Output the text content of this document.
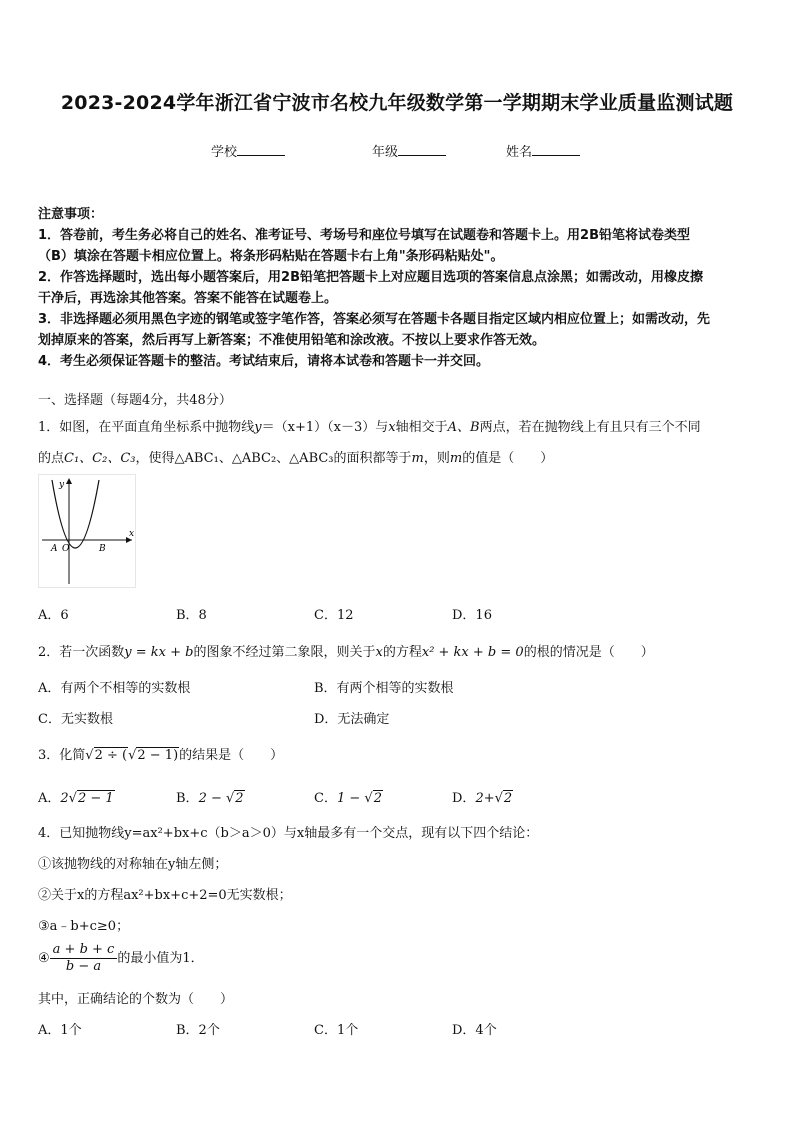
2023-2024学年浙江省宁波市名校九年级数学第一学期期末学业质量监测试题
学校	年级	姓名
注意事项：
1．答卷前，考生务必将自己的姓名、准考证号、考场号和座位号填写在试题卷和答题卡上。用2B铅笔将试卷类型
（B）填涂在答题卡相应位置上。将条形码粘贴在答题卡右上角"条形码粘贴处"。
2．作答选择题时，选出每小题答案后，用2B铅笔把答题卡上对应题目选项的答案信息点涂黑；如需改动，用橡皮擦
干净后，再选涂其他答案。答案不能答在试题卷上。
3．非选择题必须用黑色字迹的钢笔或签字笔作答，答案必须写在答题卡各题目指定区域内相应位置上；如需改动，先
划掉原来的答案，然后再写上新答案；不准使用铅笔和涂改液。不按以上要求作答无效。
4．考生必须保证答题卡的整洁。考试结束后，请将本试卷和答题卡一并交回。
一、选择题（每题4分，共48分）
1．如图，在平面直角坐标系中抛物线y＝（x+1）（x－3）与x轴相交于A、B两点，若在抛物线上有且只有三个不同
的点C₁、C₂、C₃，使得△ABC₁、△ABC₂、△ABC₃的面积都等于m，则m的值是（　　）
y
x
A O	B
A．6	B．8	C．12	D．16
2．若一次函数y = kx + b的图象不经过第二象限，则关于x的方程x² + kx + b = 0的根的情况是（　　）
A．有两个不相等的实数根	B．有两个相等的实数根
C．无实数根	D．无法确定
3．化简√2 ÷ (√2 − 1)的结果是（　　）
A．2√2 − 1	B．2 − √2	C．1 − √2	D．2+√2
4．已知抛物线y=ax²+bx+c（b＞a＞0）与x轴最多有一个交点，现有以下四个结论：
①该抛物线的对称轴在y轴左侧；
②关于x的方程ax²+bx+c+2=0无实数根；
③a﹣b+c≥0；
④ $\frac{a + b + c}{b - a}$ 的最小值为1．
其中，正确结论的个数为（　　）
A．1个	B．2个	C．1个	D．4个
